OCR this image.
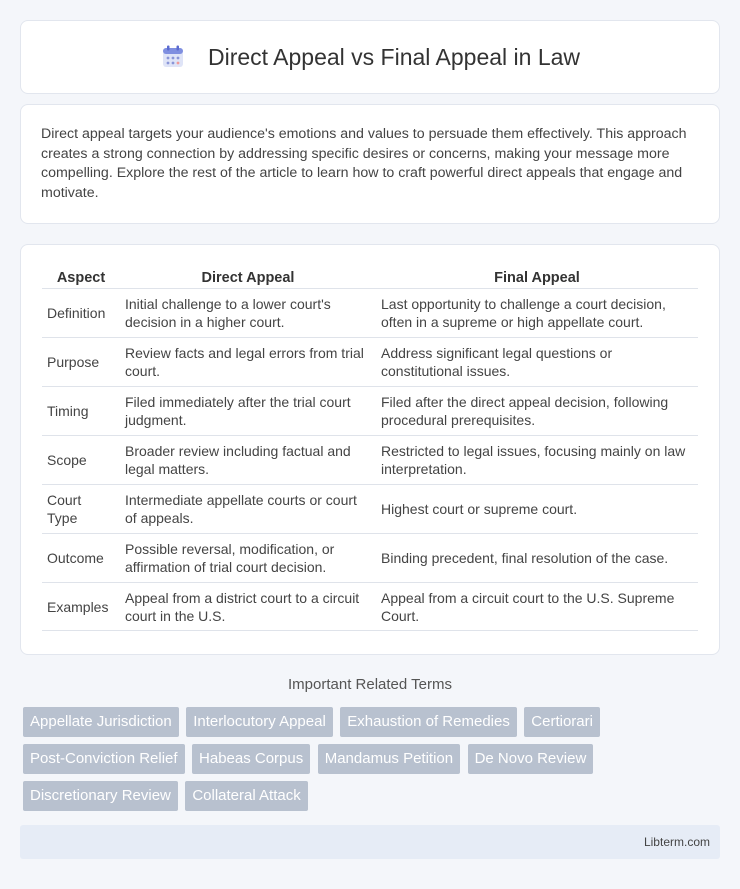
Direct Appeal vs Final Appeal in Law

Direct appeal targets your audience's emotions and values to persuade them effectively. This approach creates a strong connection by addressing specific desires or concerns, making your message more compelling. Explore the rest of the article to learn how to craft powerful direct appeals that engage and motivate.

Aspect	Direct Appeal	Final Appeal
Definition	Initial challenge to a lower court's decision in a higher court.	Last opportunity to challenge a court decision, often in a supreme or high appellate court.
Purpose	Review facts and legal errors from trial court.	Address significant legal questions or constitutional issues.
Timing	Filed immediately after the trial court judgment.	Filed after the direct appeal decision, following procedural prerequisites.
Scope	Broader review including factual and legal matters.	Restricted to legal issues, focusing mainly on law interpretation.
Court Type	Intermediate appellate courts or court of appeals.	Highest court or supreme court.
Outcome	Possible reversal, modification, or affirmation of trial court decision.	Binding precedent, final resolution of the case.
Examples	Appeal from a district court to a circuit court in the U.S.	Appeal from a circuit court to the U.S. Supreme Court.
Important Related Terms
Appellate Jurisdiction Interlocutory Appeal Exhaustion of Remedies Certiorari
Post-Conviction Relief Habeas Corpus Mandamus Petition De Novo Review
Discretionary Review Collateral Attack
Libterm.com
